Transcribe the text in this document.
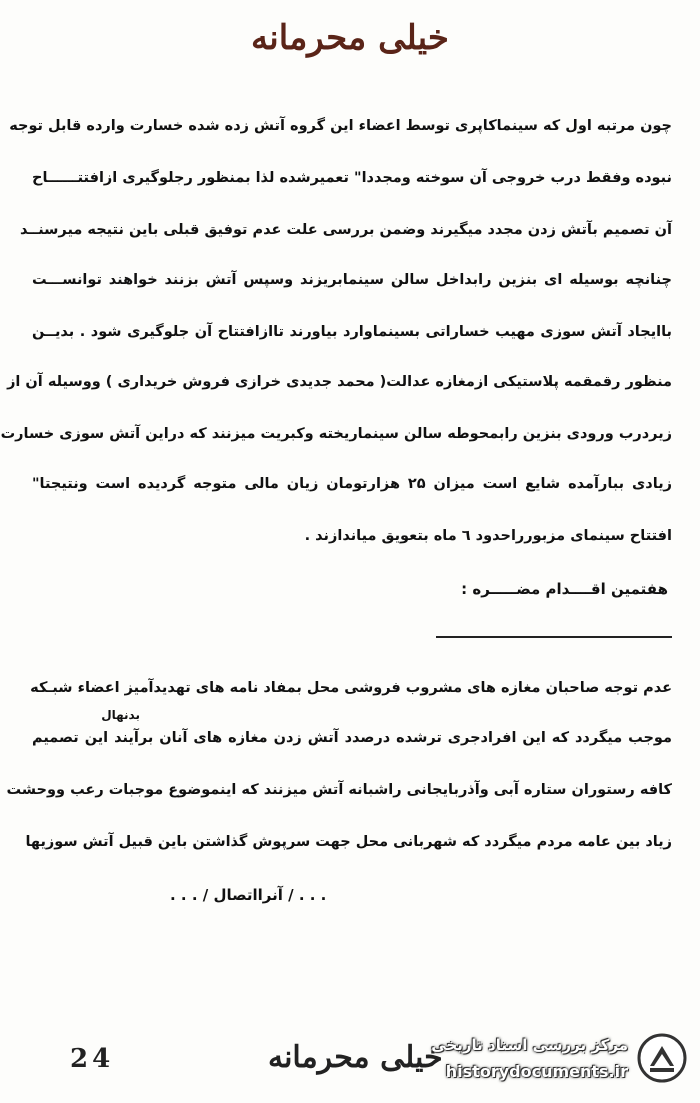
خیلی محرمانه
چون مرتبه اول که سینماکاپری توسط اعضاء این گروه آتش زده شده خسارت وارده قابل توجه
نبوده وفقط درب خروجی آن سوخته ومجددا" تعمیرشده لذا بمنظور رجلوگیری ازافتتــــــاح
آن تصمیم بآتش زدن مجدد میگیرند وضمن بررسی علت عدم توفیق قبلی باین نتیجه میرسنــد
چنانچه بوسیله ای بنزین رابداخل سالن سینمابریزند وسپس آتش بزنند خواهند توانســـت
باایجاد آتش سوزی مهیب خساراتی بسینماوارد بیاورند تاازافتتاح آن جلوگیری شود . بدیــن
منظور رقمقمه پلاستیکی ازمغازه عدالت( محمد جدیدی خرازی فروش خریداری ) ووسیله آن از
زیردرب ورودی بنزین رابمحوطه سالن سینماریخته وکبریت میزنند که دراین آتش سوزی خسارت
زیادی ببارآمده شایع است میزان ۲۵ هزارتومان زیان مالی متوجه گردیده است ونتیجتا"
افتتاح سینمای مزبورراحدود ٦ ماه بتعویق میاندازند .
هفتمین اقــــدام مضـــــره :
عدم توجه صاحبان مغازه های مشروب فروشی محل بمفاد نامه های تهدیدآمیز اعضاء شبـکه
موجب میگردد که این افرادجری ترشده درصدد آتش زدن مغازه های آنان برآیند این تصمیم
کافه رستوران ستاره آبی وآذربایجانی راشبانه آتش میزنند که اینموضوع موجبات رعب ووحشت
زیاد بین عامه مردم میگردد که شهربانی محل جهت سرپوش گذاشتن باین قبیل آتش سوزیها
بدنهال
. . . / آنرااتصال / . . .
24	خیلی محرمانه
مرکز بررسی اسناد تاریخی
historydocuments.ir
